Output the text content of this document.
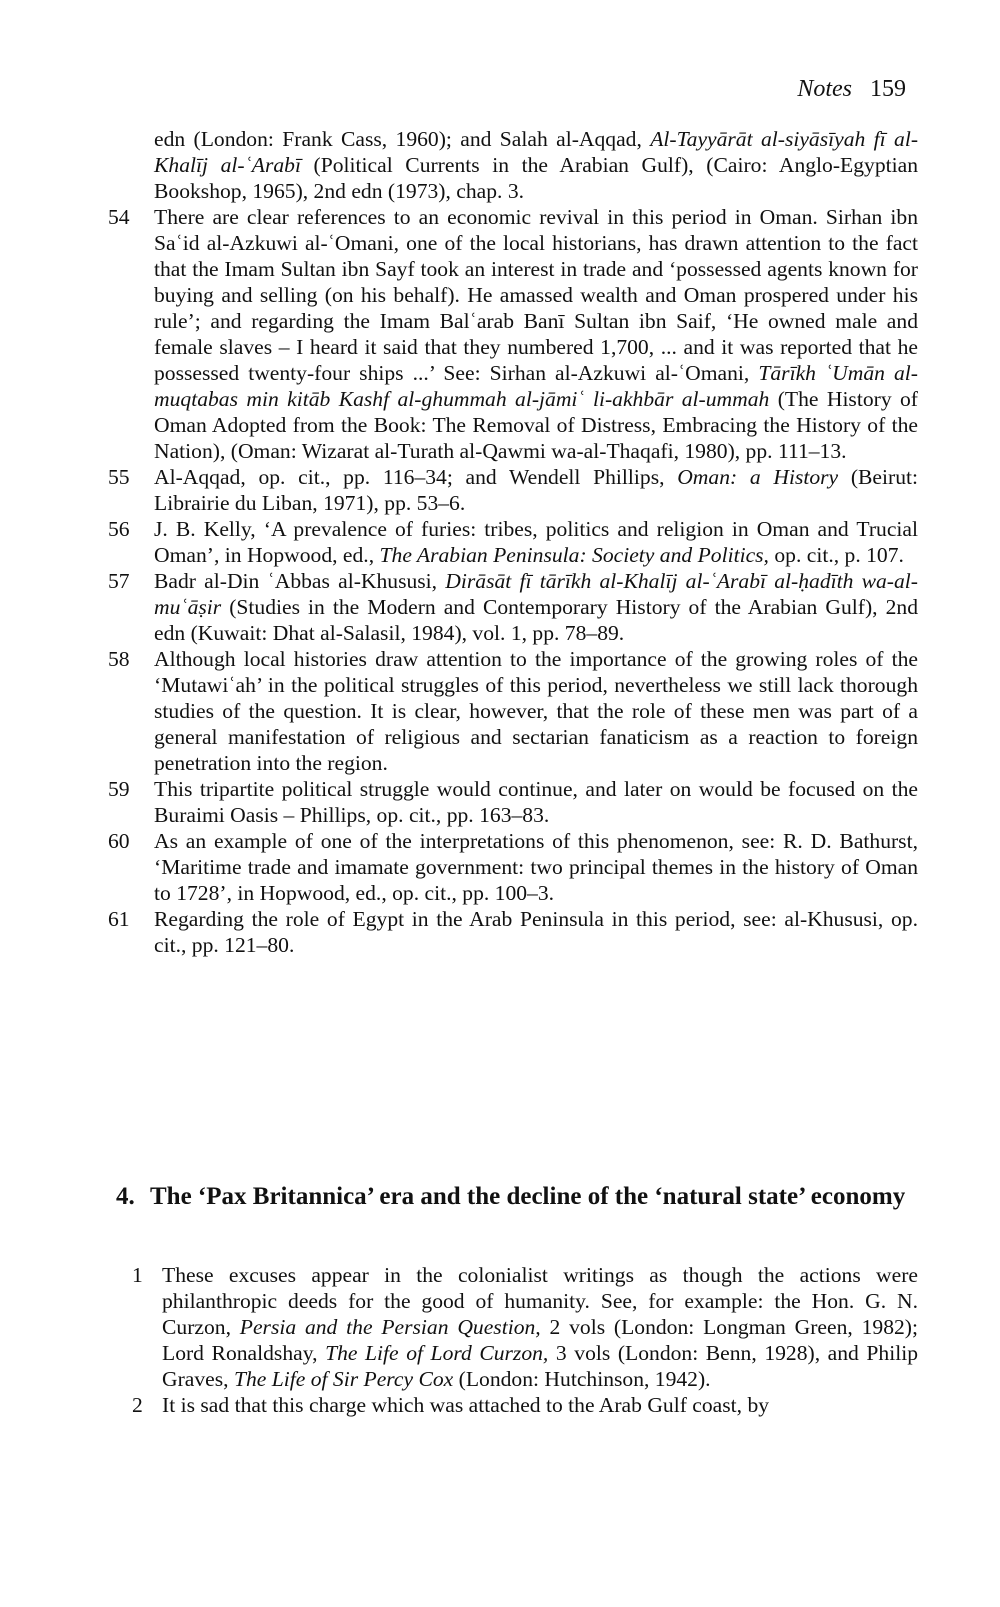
Notes 159

edn (London: Frank Cass, 1960); and Salah al-Aqqad, Al-Tayyārāt al-siyāsīyah fī al-Khalīj al-ʿArabī (Political Currents in the Arabian Gulf), (Cairo: Anglo-Egyptian Bookshop, 1965), 2nd edn (1973), chap. 3.

54	There are clear references to an economic revival in this period in Oman. Sirhan ibn Saʿid al-Azkuwi al-ʿOmani, one of the local historians, has drawn attention to the fact that the Imam Sultan ibn Sayf took an interest in trade and ‘possessed agents known for buying and selling (on his behalf). He amassed wealth and Oman prospered under his rule’; and regarding the Imam Balʿarab Banī Sultan ibn Saif, ‘He owned male and female slaves – I heard it said that they numbered 1,700, ... and it was reported that he possessed twenty-four ships ...’ See: Sirhan al-Azkuwi al-ʿOmani, Tārīkh ʿUmān al-muqtabas min kitāb Kashf al-ghummah al-jāmiʿ li-akhbār al-ummah (The History of Oman Adopted from the Book: The Removal of Distress, Embracing the History of the Nation), (Oman: Wizarat al-Turath al-Qawmi wa-al-Thaqafi, 1980), pp. 111–13.

55	Al-Aqqad, op. cit., pp. 116–34; and Wendell Phillips, Oman: a History (Beirut: Librairie du Liban, 1971), pp. 53–6.

56	J. B. Kelly, ‘A prevalence of furies: tribes, politics and religion in Oman and Trucial Oman’, in Hopwood, ed., The Arabian Peninsula: Society and Politics, op. cit., p. 107.

57	Badr al-Din ʿAbbas al-Khususi, Dirāsāt fī tārīkh al-Khalīj al-ʿArabī al-ḥadīth wa-al-muʿāṣir (Studies in the Modern and Contemporary History of the Arabian Gulf), 2nd edn (Kuwait: Dhat al-Salasil, 1984), vol. 1, pp. 78–89.

58	Although local histories draw attention to the importance of the growing roles of the ‘Mutawiʿah’ in the political struggles of this period, nevertheless we still lack thorough studies of the question. It is clear, however, that the role of these men was part of a general manifestation of religious and sectarian fanaticism as a reaction to foreign penetration into the region.

59	This tripartite political struggle would continue, and later on would be focused on the Buraimi Oasis – Phillips, op. cit., pp. 163–83.

60	As an example of one of the interpretations of this phenomenon, see: R. D. Bathurst, ‘Maritime trade and imamate government: two principal themes in the history of Oman to 1728’, in Hopwood, ed., op. cit., pp. 100–3.

61	Regarding the role of Egypt in the Arab Peninsula in this period, see: al-Khususi, op. cit., pp. 121–80.

4. The ‘Pax Britannica’ era and the decline of the ‘natural state’ economy

1 These excuses appear in the colonialist writings as though the actions were philanthropic deeds for the good of humanity. See, for example: the Hon. G. N. Curzon, Persia and the Persian Question, 2 vols (London: Longman Green, 1982); Lord Ronaldshay, The Life of Lord Curzon, 3 vols (London: Benn, 1928), and Philip Graves, The Life of Sir Percy Cox (London: Hutchinson, 1942).

2 It is sad that this charge which was attached to the Arab Gulf coast, by
